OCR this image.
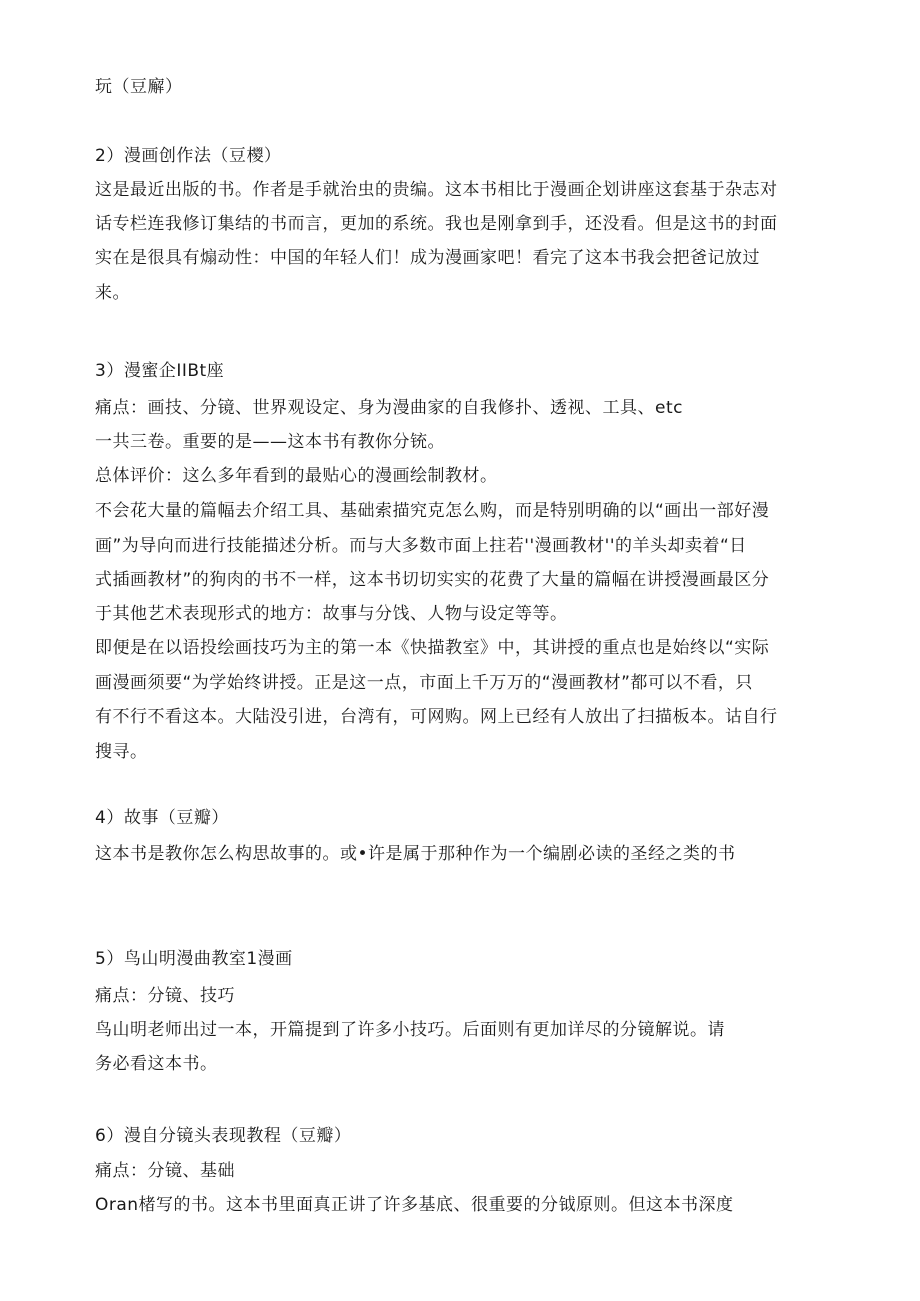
玩（豆廨）
2）漫画创作法（豆㯶）
这是最近出版的书。作者是手就治虫的贵编。这本书相比于漫画企划讲座这套基于杂志对
话专栏连我修订集结的书而言，更加的系统。我也是刚拿到手，还没看。但是这书的封面
实在是很具有煽动性：中国的年轻人们！成为漫画家吧！看完了这本书我会把爸记放过
来。
3）漫蜜企IIBt座
痛点：画技、分镜、世界观设定、身为漫曲家的自我修扑、透视、工具、etc
一共三卷。重要的是——这本书有教你分铳。
总体评价：这么多年看到的最贴心的漫画绘制教材。
不会花大量的篇幅去介绍工具、基础索描究克怎么购，而是特别明确的以“画出一部好漫
画”为导向而进行技能描述分析。而与大多数市面上拄若''漫画教材''的羊头却卖着“日
式插画教材”的狗肉的书不一样，这本书切切实实的花费了大量的篇幅在讲授漫画最区分
于其他艺术表现形式的地方：故事与分饯、人物与设定等等。
即便是在以语投绘画技巧为主的第一本《快描教室》中，其讲授的重点也是始终以“实际
画漫画须要“为学始终讲授。正是这一点，市面上千万万的“漫画教材”都可以不看，只
有不行不看这本。大陆没引进，台湾有，可网购。网上已经有人放出了扫描板本。诂自行
搜寻。
4）故事（豆瓣）
这本书是教你怎么构思故事的。或•许是属于那种作为一个编剧必读的圣经之类的书
5）鸟山明漫曲教室1漫画
痛点：分镜、技巧
鸟山明老师出过一本，开篇提到了许多小技巧。后面则有更加详尽的分镜解说。请
务必看这本书。
6）漫自分镜头表现教程（豆瓣）
痛点：分镜、基础
Oran楮写的书。这本书里面真正讲了许多基底、很重要的分钺原则。但这本书深度
